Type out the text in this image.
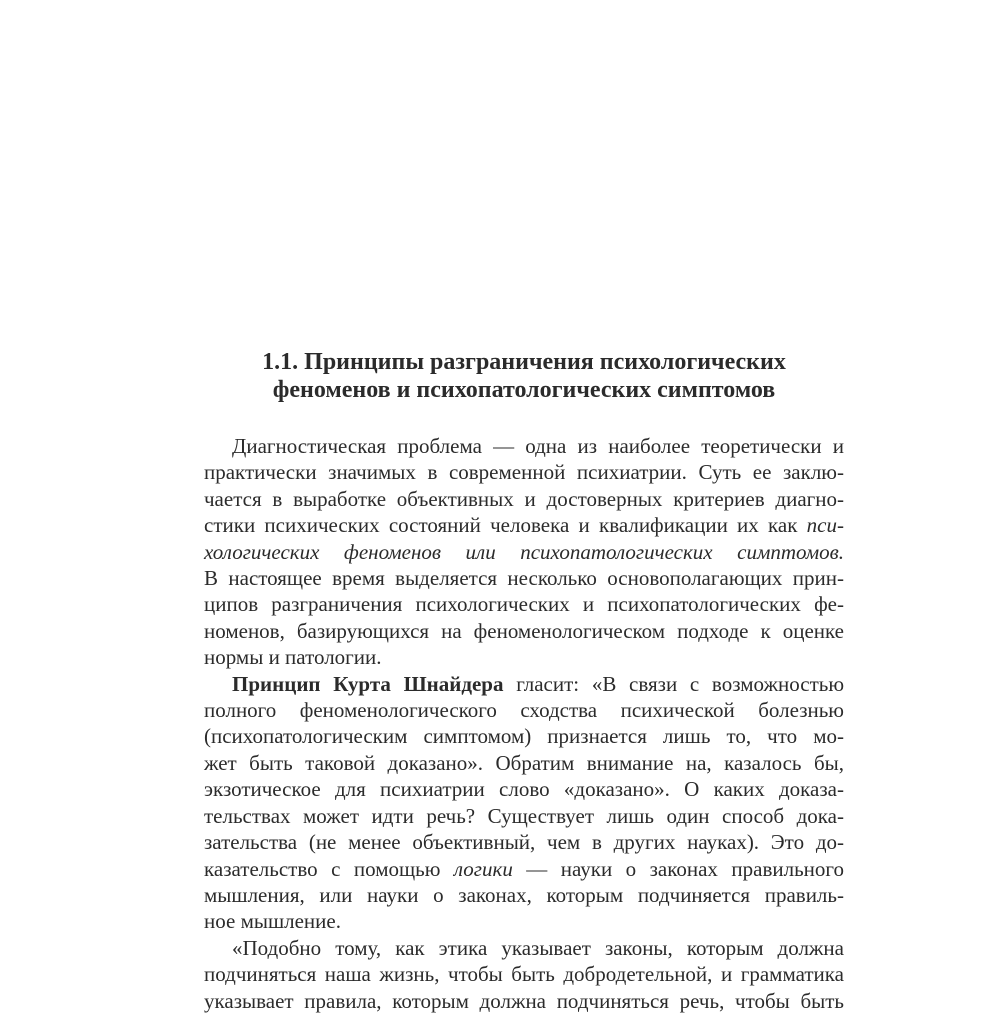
1.1. Принципы разграничения психологических
феноменов и психопатологических симптомов
Диагностическая проблема — одна из наиболее теоретически и
практически значимых в современной психиатрии. Суть ее заклю-
чается в выработке объективных и достоверных критериев диагно-
стики психических состояний человека и квалификации их как пси-
хологических феноменов или психопатологических симптомов.
В настоящее время выделяется несколько основополагающих прин-
ципов разграничения психологических и психопатологических фе-
номенов, базирующихся на феноменологическом подходе к оценке
нормы и патологии.
Принцип Курта Шнайдера гласит: «В связи с возможностью
полного феноменологического сходства психической болезнью
(психопатологическим симптомом) признается лишь то, что мо-
жет быть таковой доказано». Обратим внимание на, казалось бы,
экзотическое для психиатрии слово «доказано». О каких доказа-
тельствах может идти речь? Существует лишь один способ дока-
зательства (не менее объективный, чем в других науках). Это до-
казательство с помощью логики — науки о законах правильного
мышления, или науки о законах, которым подчиняется правиль-
ное мышление.
«Подобно тому, как этика указывает законы, которым должна
подчиняться наша жизнь, чтобы быть добродетельной, и грамматика
указывает правила, которым должна подчиняться речь, чтобы быть
